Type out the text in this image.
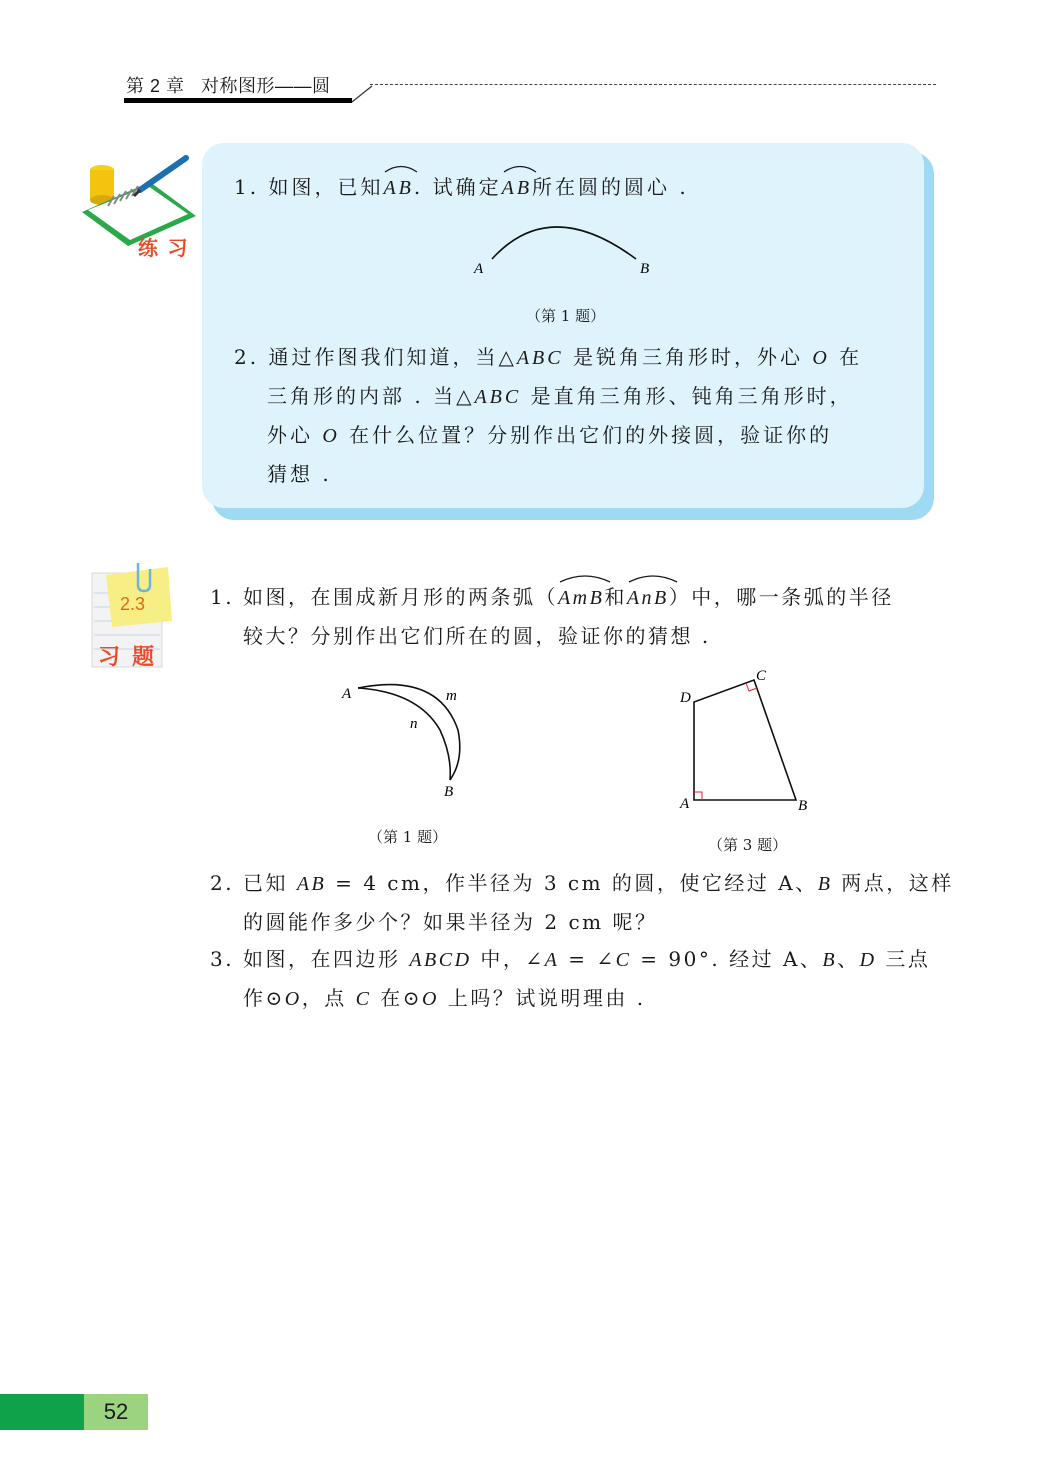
第 2 章 对称图形——圆
练 习
1. 如图，已知
AB. 试确定
AB所在圆的圆心 .
A	B
（第 1 题）
2. 通过作图我们知道，当△ABC 是锐角三角形时，外心 O 在
三角形的内部 . 当△ABC 是直角三角形、钝角三角形时，
外心 O 在什么位置？分别作出它们的外接圆，验证你的
猜想 .
2.3
习 题
1. 如图，在围成新月形的两条弧（
AmB和
AnB）中，哪一条弧的半径
较大？分别作出它们所在的圆，验证你的猜想 .
A
B
m
n
（第 1 题）
A	B
C
D
（第 3 题）
2. 已知 AB = 4 cm，作半径为 3 cm 的圆，使它经过 A、B 两点，这样
的圆能作多少个？如果半径为 2 cm 呢？
3. 如图，在四边形 ABCD 中，∠A = ∠C = 90°. 经过 A、B、D 三点
作⊙O，点 C 在⊙O 上吗？试说明理由 .
52
